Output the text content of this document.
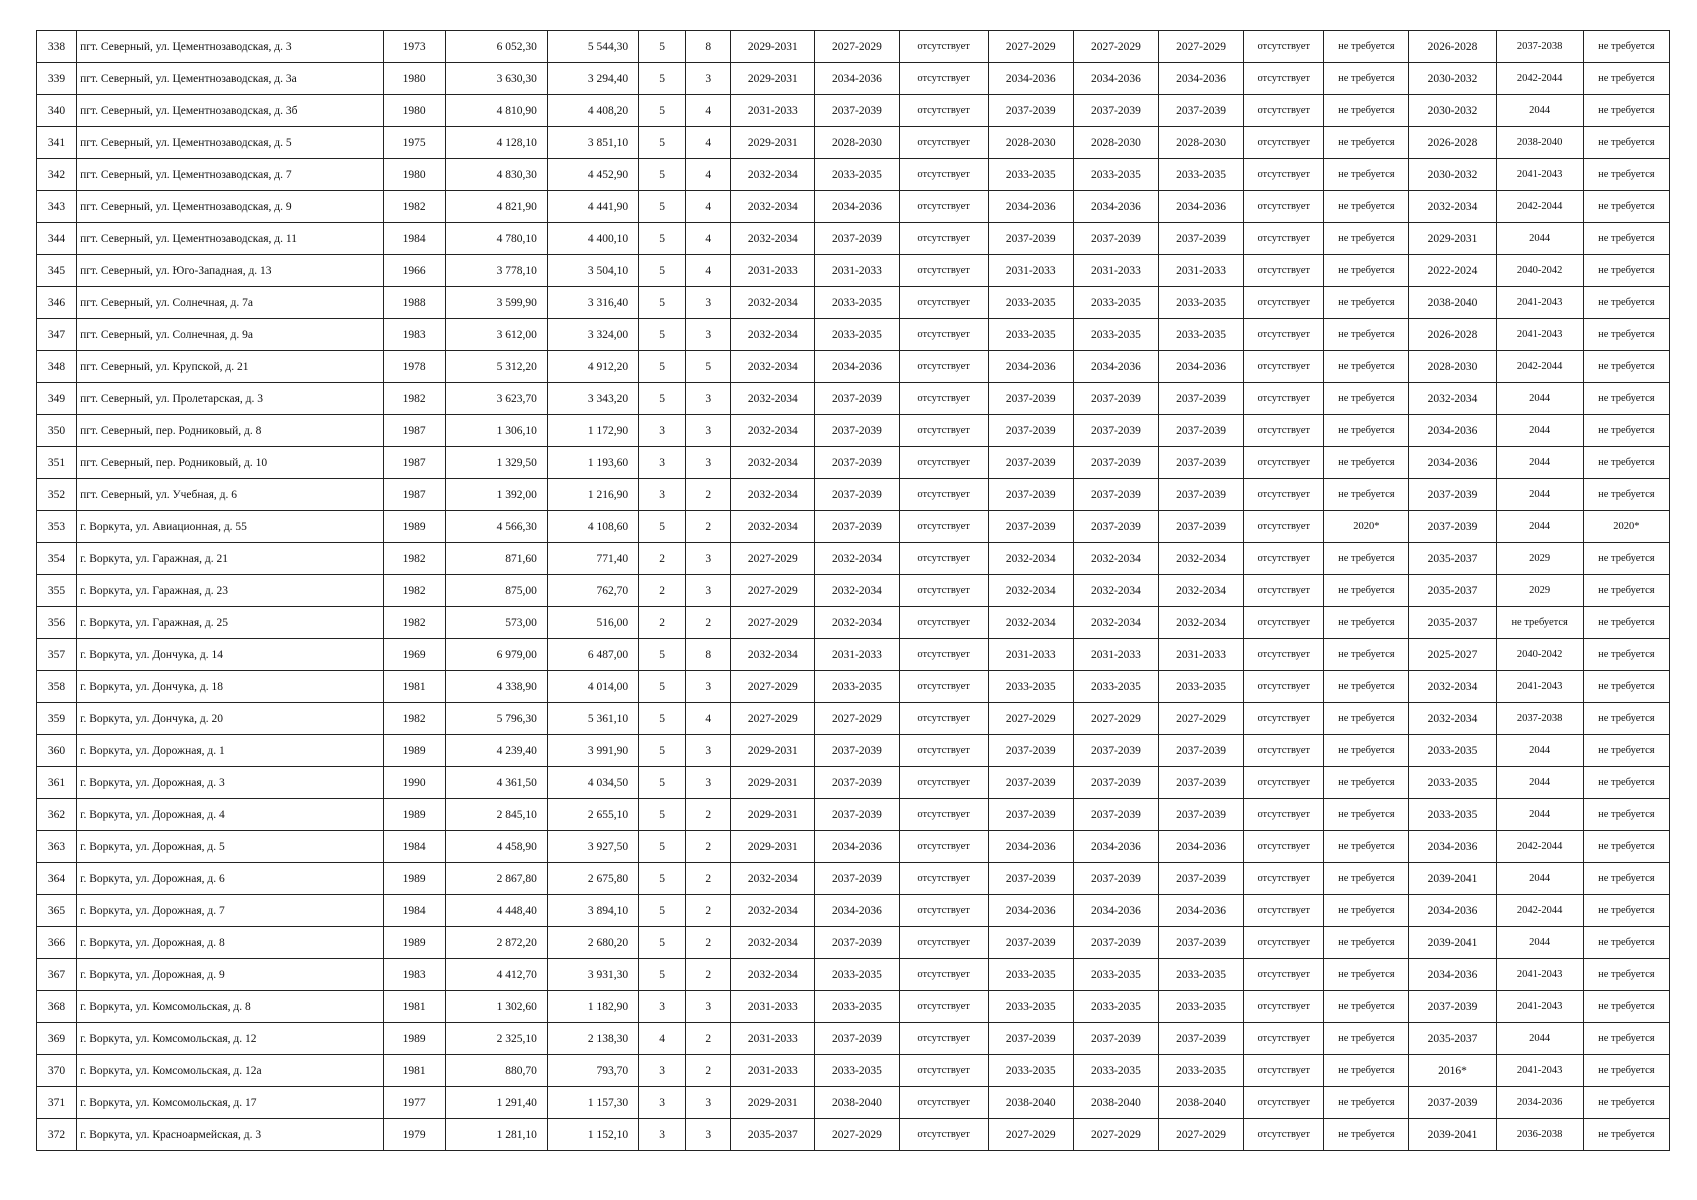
338	пгт. Северный, ул. Цементнозаводская, д. 3	1973	6 052,30	5 544,30	5	8	2029-2031	2027-2029	отсутствует	2027-2029	2027-2029	2027-2029	отсутствует	не требуется	2026-2028	2037-2038	не требуется
339	пгт. Северный, ул. Цементнозаводская, д. 3а	1980	3 630,30	3 294,40	5	3	2029-2031	2034-2036	отсутствует	2034-2036	2034-2036	2034-2036	отсутствует	не требуется	2030-2032	2042-2044	не требуется
340	пгт. Северный, ул. Цементнозаводская, д. 3б	1980	4 810,90	4 408,20	5	4	2031-2033	2037-2039	отсутствует	2037-2039	2037-2039	2037-2039	отсутствует	не требуется	2030-2032	2044	не требуется
341	пгт. Северный, ул. Цементнозаводская, д. 5	1975	4 128,10	3 851,10	5	4	2029-2031	2028-2030	отсутствует	2028-2030	2028-2030	2028-2030	отсутствует	не требуется	2026-2028	2038-2040	не требуется
342	пгт. Северный, ул. Цементнозаводская, д. 7	1980	4 830,30	4 452,90	5	4	2032-2034	2033-2035	отсутствует	2033-2035	2033-2035	2033-2035	отсутствует	не требуется	2030-2032	2041-2043	не требуется
343	пгт. Северный, ул. Цементнозаводская, д. 9	1982	4 821,90	4 441,90	5	4	2032-2034	2034-2036	отсутствует	2034-2036	2034-2036	2034-2036	отсутствует	не требуется	2032-2034	2042-2044	не требуется
344	пгт. Северный, ул. Цементнозаводская, д. 11	1984	4 780,10	4 400,10	5	4	2032-2034	2037-2039	отсутствует	2037-2039	2037-2039	2037-2039	отсутствует	не требуется	2029-2031	2044	не требуется
345	пгт. Северный, ул. Юго-Западная, д. 13	1966	3 778,10	3 504,10	5	4	2031-2033	2031-2033	отсутствует	2031-2033	2031-2033	2031-2033	отсутствует	не требуется	2022-2024	2040-2042	не требуется
346	пгт. Северный, ул. Солнечная, д. 7а	1988	3 599,90	3 316,40	5	3	2032-2034	2033-2035	отсутствует	2033-2035	2033-2035	2033-2035	отсутствует	не требуется	2038-2040	2041-2043	не требуется
347	пгт. Северный, ул. Солнечная, д. 9а	1983	3 612,00	3 324,00	5	3	2032-2034	2033-2035	отсутствует	2033-2035	2033-2035	2033-2035	отсутствует	не требуется	2026-2028	2041-2043	не требуется
348	пгт. Северный, ул. Крупской, д. 21	1978	5 312,20	4 912,20	5	5	2032-2034	2034-2036	отсутствует	2034-2036	2034-2036	2034-2036	отсутствует	не требуется	2028-2030	2042-2044	не требуется
349	пгт. Северный, ул. Пролетарская, д. 3	1982	3 623,70	3 343,20	5	3	2032-2034	2037-2039	отсутствует	2037-2039	2037-2039	2037-2039	отсутствует	не требуется	2032-2034	2044	не требуется
350	пгт. Северный, пер. Родниковый, д. 8	1987	1 306,10	1 172,90	3	3	2032-2034	2037-2039	отсутствует	2037-2039	2037-2039	2037-2039	отсутствует	не требуется	2034-2036	2044	не требуется
351	пгт. Северный, пер. Родниковый, д. 10	1987	1 329,50	1 193,60	3	3	2032-2034	2037-2039	отсутствует	2037-2039	2037-2039	2037-2039	отсутствует	не требуется	2034-2036	2044	не требуется
352	пгт. Северный, ул. Учебная, д. 6	1987	1 392,00	1 216,90	3	2	2032-2034	2037-2039	отсутствует	2037-2039	2037-2039	2037-2039	отсутствует	не требуется	2037-2039	2044	не требуется
353	г. Воркута, ул. Авиационная, д. 55	1989	4 566,30	4 108,60	5	2	2032-2034	2037-2039	отсутствует	2037-2039	2037-2039	2037-2039	отсутствует	2020*	2037-2039	2044	2020*
354	г. Воркута, ул. Гаражная, д. 21	1982	871,60	771,40	2	3	2027-2029	2032-2034	отсутствует	2032-2034	2032-2034	2032-2034	отсутствует	не требуется	2035-2037	2029	не требуется
355	г. Воркута, ул. Гаражная, д. 23	1982	875,00	762,70	2	3	2027-2029	2032-2034	отсутствует	2032-2034	2032-2034	2032-2034	отсутствует	не требуется	2035-2037	2029	не требуется
356	г. Воркута, ул. Гаражная, д. 25	1982	573,00	516,00	2	2	2027-2029	2032-2034	отсутствует	2032-2034	2032-2034	2032-2034	отсутствует	не требуется	2035-2037	не требуется	не требуется
357	г. Воркута, ул. Дончука, д. 14	1969	6 979,00	6 487,00	5	8	2032-2034	2031-2033	отсутствует	2031-2033	2031-2033	2031-2033	отсутствует	не требуется	2025-2027	2040-2042	не требуется
358	г. Воркута, ул. Дончука, д. 18	1981	4 338,90	4 014,00	5	3	2027-2029	2033-2035	отсутствует	2033-2035	2033-2035	2033-2035	отсутствует	не требуется	2032-2034	2041-2043	не требуется
359	г. Воркута, ул. Дончука, д. 20	1982	5 796,30	5 361,10	5	4	2027-2029	2027-2029	отсутствует	2027-2029	2027-2029	2027-2029	отсутствует	не требуется	2032-2034	2037-2038	не требуется
360	г. Воркута, ул. Дорожная, д. 1	1989	4 239,40	3 991,90	5	3	2029-2031	2037-2039	отсутствует	2037-2039	2037-2039	2037-2039	отсутствует	не требуется	2033-2035	2044	не требуется
361	г. Воркута, ул. Дорожная, д. 3	1990	4 361,50	4 034,50	5	3	2029-2031	2037-2039	отсутствует	2037-2039	2037-2039	2037-2039	отсутствует	не требуется	2033-2035	2044	не требуется
362	г. Воркута, ул. Дорожная, д. 4	1989	2 845,10	2 655,10	5	2	2029-2031	2037-2039	отсутствует	2037-2039	2037-2039	2037-2039	отсутствует	не требуется	2033-2035	2044	не требуется
363	г. Воркута, ул. Дорожная, д. 5	1984	4 458,90	3 927,50	5	2	2029-2031	2034-2036	отсутствует	2034-2036	2034-2036	2034-2036	отсутствует	не требуется	2034-2036	2042-2044	не требуется
364	г. Воркута, ул. Дорожная, д. 6	1989	2 867,80	2 675,80	5	2	2032-2034	2037-2039	отсутствует	2037-2039	2037-2039	2037-2039	отсутствует	не требуется	2039-2041	2044	не требуется
365	г. Воркута, ул. Дорожная, д. 7	1984	4 448,40	3 894,10	5	2	2032-2034	2034-2036	отсутствует	2034-2036	2034-2036	2034-2036	отсутствует	не требуется	2034-2036	2042-2044	не требуется
366	г. Воркута, ул. Дорожная, д. 8	1989	2 872,20	2 680,20	5	2	2032-2034	2037-2039	отсутствует	2037-2039	2037-2039	2037-2039	отсутствует	не требуется	2039-2041	2044	не требуется
367	г. Воркута, ул. Дорожная, д. 9	1983	4 412,70	3 931,30	5	2	2032-2034	2033-2035	отсутствует	2033-2035	2033-2035	2033-2035	отсутствует	не требуется	2034-2036	2041-2043	не требуется
368	г. Воркута, ул. Комсомольская, д. 8	1981	1 302,60	1 182,90	3	3	2031-2033	2033-2035	отсутствует	2033-2035	2033-2035	2033-2035	отсутствует	не требуется	2037-2039	2041-2043	не требуется
369	г. Воркута, ул. Комсомольская, д. 12	1989	2 325,10	2 138,30	4	2	2031-2033	2037-2039	отсутствует	2037-2039	2037-2039	2037-2039	отсутствует	не требуется	2035-2037	2044	не требуется
370	г. Воркута, ул. Комсомольская, д. 12а	1981	880,70	793,70	3	2	2031-2033	2033-2035	отсутствует	2033-2035	2033-2035	2033-2035	отсутствует	не требуется	2016*	2041-2043	не требуется
371	г. Воркута, ул. Комсомольская, д. 17	1977	1 291,40	1 157,30	3	3	2029-2031	2038-2040	отсутствует	2038-2040	2038-2040	2038-2040	отсутствует	не требуется	2037-2039	2034-2036	не требуется
372	г. Воркута, ул. Красноармейская, д. 3	1979	1 281,10	1 152,10	3	3	2035-2037	2027-2029	отсутствует	2027-2029	2027-2029	2027-2029	отсутствует	не требуется	2039-2041	2036-2038	не требуется
